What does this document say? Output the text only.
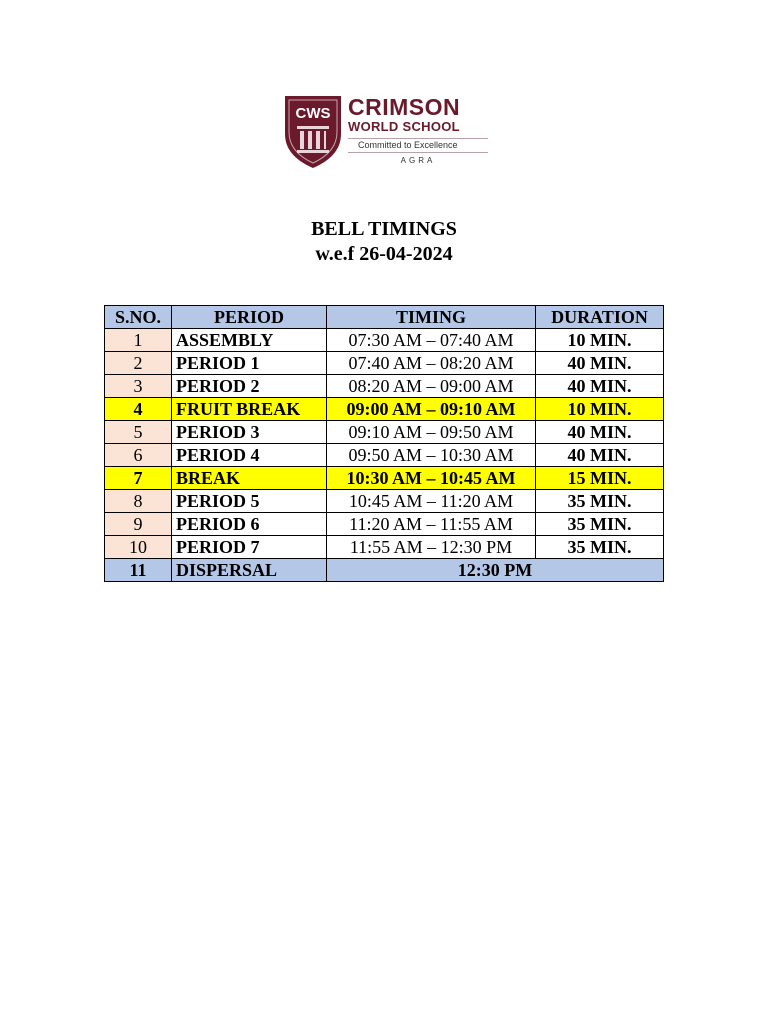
CWS CRIMSON
WORLD SCHOOL
Committed to Excellence
AGRA
BELL TIMINGS
w.e.f 26-04-2024
S.NO.	PERIOD	TIMING	DURATION
1	ASSEMBLY	07:30 AM – 07:40 AM	10 MIN.
2	PERIOD 1	07:40 AM – 08:20 AM	40 MIN.
3	PERIOD 2	08:20 AM – 09:00 AM	40 MIN.
4	FRUIT BREAK	09:00 AM – 09:10 AM	10 MIN.
5	PERIOD 3	09:10 AM – 09:50 AM	40 MIN.
6	PERIOD 4	09:50 AM – 10:30 AM	40 MIN.
7	BREAK	10:30 AM – 10:45 AM	15 MIN.
8	PERIOD 5	10:45 AM – 11:20 AM	35 MIN.
9	PERIOD 6	11:20 AM – 11:55 AM	35 MIN.
10	PERIOD 7	11:55 AM – 12:30 PM	35 MIN.
11	DISPERSAL	12:30 PM	
